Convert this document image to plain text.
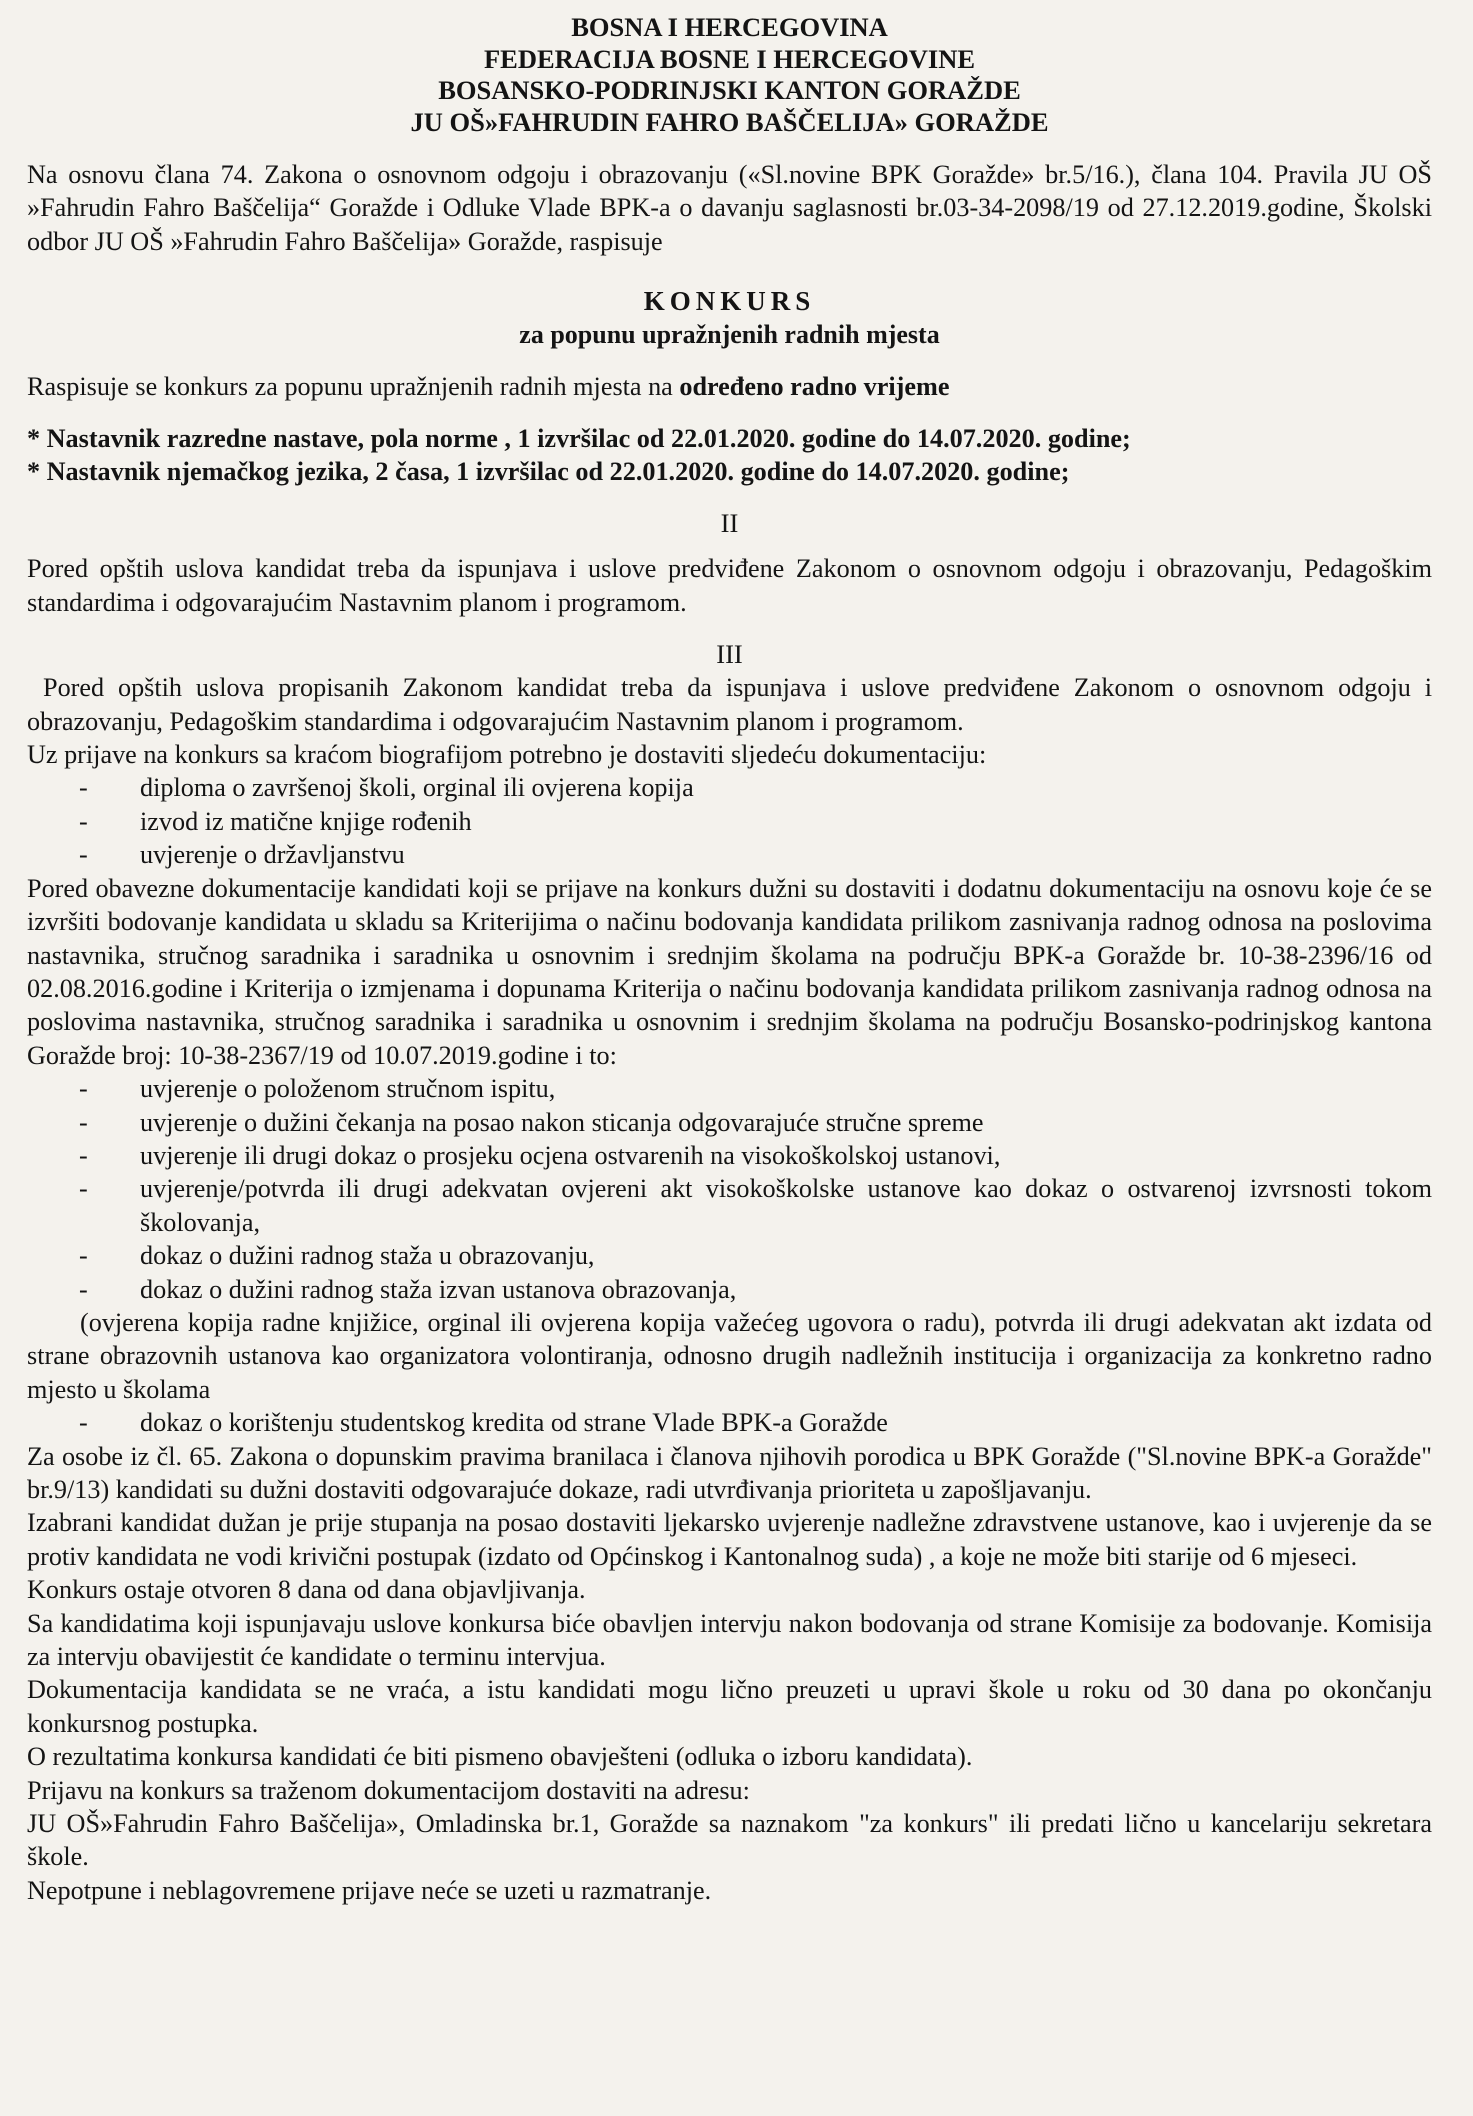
BOSNA I HERCEGOVINA

FEDERACIJA BOSNE I HERCEGOVINE

BOSANSKO-PODRINJSKI KANTON GORAŽDE

JU OŠ»FAHRUDIN FAHRO BAŠČELIJA» GORAŽDE

Na osnovu člana 74. Zakona o osnovnom odgoju i obrazovanju («Sl.novine BPK Goražde» br.5/16.), člana 104. Pravila JU OŠ »Fahrudin Fahro Baščelija“ Goražde i Odluke Vlade BPK-a o davanju saglasnosti br.03-34-2098/19 od 27.12.2019.godine, Školski odbor JU OŠ »Fahrudin Fahro Baščelija» Goražde, raspisuje

KONKURS

za popunu upražnjenih radnih mjesta

Raspisuje se konkurs za popunu upražnjenih radnih mjesta na određeno radno vrijeme

* Nastavnik razredne nastave, pola norme , 1 izvršilac od 22.01.2020. godine do 14.07.2020. godine;

* Nastavnik njemačkog jezika, 2 časa, 1 izvršilac od 22.01.2020. godine do 14.07.2020. godine;

II

Pored opštih uslova kandidat treba da ispunjava i uslove predviđene Zakonom o osnovnom odgoju i obrazovanju, Pedagoškim standardima i odgovarajućim Nastavnim planom i programom.

III

Pored opštih uslova propisanih Zakonom kandidat treba da ispunjava i uslove predviđene Zakonom o osnovnom odgoju i obrazovanju, Pedagoškim standardima i odgovarajućim Nastavnim planom i programom.

Uz prijave na konkurs sa kraćom biografijom potrebno je dostaviti sljedeću dokumentaciju:

- diploma o završenoj školi, orginal ili ovjerena kopija
- izvod iz matične knjige rođenih
- uvjerenje o državljanstvu

Pored obavezne dokumentacije kandidati koji se prijave na konkurs dužni su dostaviti i dodatnu dokumentaciju na osnovu koje će se izvršiti bodovanje kandidata u skladu sa Kriterijima o načinu bodovanja kandidata prilikom zasnivanja radnog odnosa na poslovima nastavnika, stručnog saradnika i saradnika u osnovnim i srednjim školama na području BPK-a Goražde br. 10-38-2396/16 od 02.08.2016.godine i Kriterija o izmjenama i dopunama Kriterija o načinu bodovanja kandidata prilikom zasnivanja radnog odnosa na poslovima nastavnika, stručnog saradnika i saradnika u osnovnim i srednjim školama na području Bosansko-podrinjskog kantona Goražde broj: 10-38-2367/19 od 10.07.2019.godine i to:

- uvjerenje o položenom stručnom ispitu,
- uvjerenje o dužini čekanja na posao nakon sticanja odgovarajuće stručne spreme
- uvjerenje ili drugi dokaz o prosjeku ocjena ostvarenih na visokoškolskoj ustanovi,
- uvjerenje/potvrda ili drugi adekvatan ovjereni akt visokoškolske ustanove kao dokaz o ostvarenoj izvrsnosti tokom školovanja,
- dokaz o dužini radnog staža u obrazovanju,
- dokaz o dužini radnog staža izvan ustanova obrazovanja,

(ovjerena kopija radne knjižice, orginal ili ovjerena kopija važećeg ugovora o radu), potvrda ili drugi adekvatan akt izdata od strane obrazovnih ustanova kao organizatora volontiranja, odnosno drugih nadležnih institucija i organizacija za konkretno radno mjesto u školama

- dokaz o korištenju studentskog kredita od strane Vlade BPK-a Goražde

Za osobe iz čl. 65. Zakona o dopunskim pravima branilaca i članova njihovih porodica u BPK Goražde ("Sl.novine BPK-a Goražde" br.9/13) kandidati su dužni dostaviti odgovarajuće dokaze, radi utvrđivanja prioriteta u zapošljavanju.

Izabrani kandidat dužan je prije stupanja na posao dostaviti ljekarsko uvjerenje nadležne zdravstvene ustanove, kao i uvjerenje da se protiv kandidata ne vodi krivični postupak (izdato od Općinskog i Kantonalnog suda) , a koje ne može biti starije od 6 mjeseci.

Konkurs ostaje otvoren 8 dana od dana objavljivanja.

Sa kandidatima koji ispunjavaju uslove konkursa biće obavljen intervju nakon bodovanja od strane Komisije za bodovanje. Komisija za intervju obavijestit će kandidate o terminu intervjua.

Dokumentacija kandidata se ne vraća, a istu kandidati mogu lično preuzeti u upravi škole u roku od 30 dana po okončanju konkursnog postupka.

O rezultatima konkursa kandidati će biti pismeno obavješteni (odluka o izboru kandidata).

Prijavu na konkurs sa traženom dokumentacijom dostaviti na adresu:

JU OŠ»Fahrudin Fahro Baščelija», Omladinska br.1, Goražde sa naznakom "za konkurs" ili predati lično u kancelariju sekretara škole.

Nepotpune i neblagovremene prijave neće se uzeti u razmatranje.
